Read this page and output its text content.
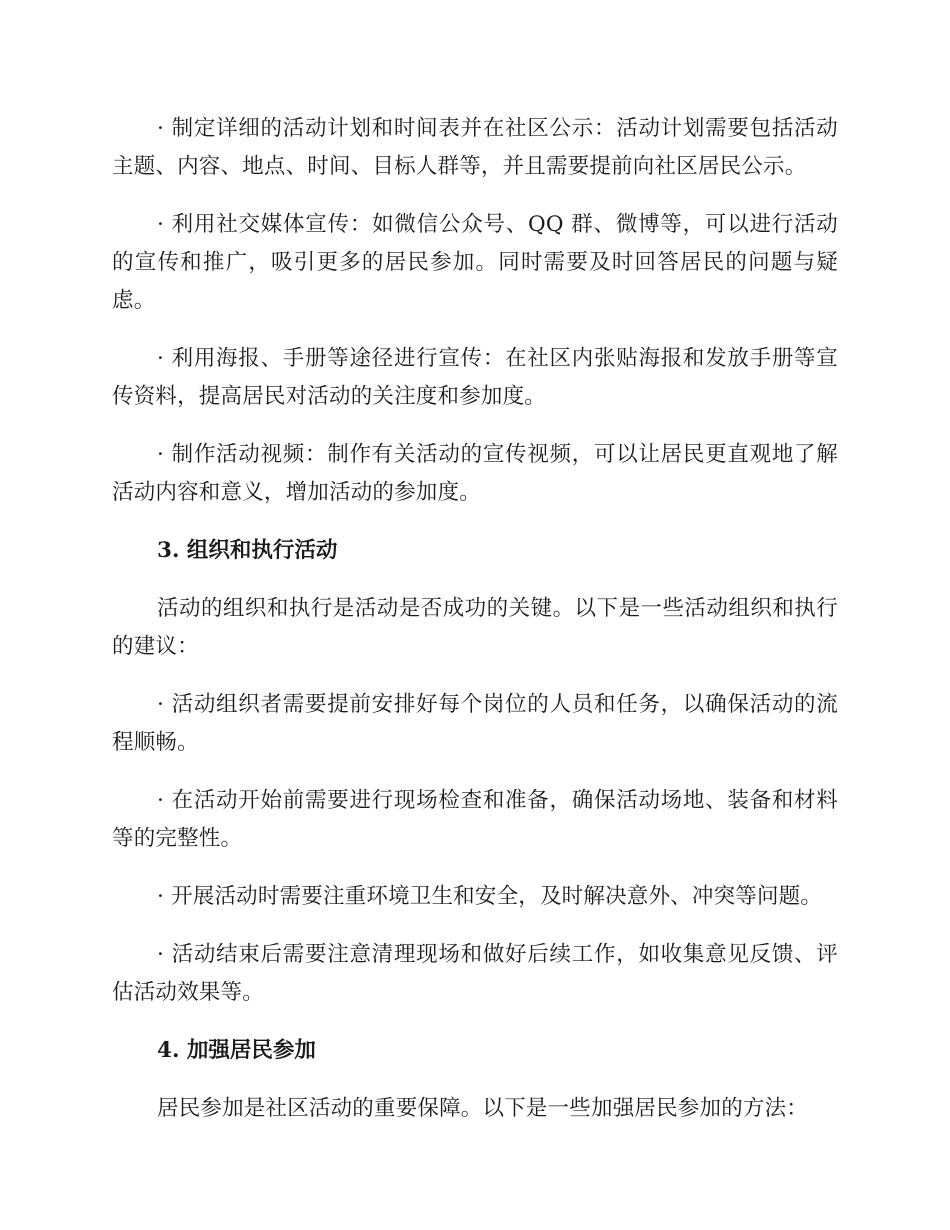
· 制定详细的活动计划和时间表并在社区公示：活动计划需要包括活动主题、内容、地点、时间、目标人群等，并且需要提前向社区居民公示。

· 利用社交媒体宣传：如微信公众号、QQ 群、微博等，可以进行活动的宣传和推广，吸引更多的居民参加。同时需要及时回答居民的问题与疑虑。

· 利用海报、手册等途径进行宣传：在社区内张贴海报和发放手册等宣传资料，提高居民对活动的关注度和参加度。

· 制作活动视频：制作有关活动的宣传视频，可以让居民更直观地了解活动内容和意义，增加活动的参加度。

3. 组织和执行活动

活动的组织和执行是活动是否成功的关键。以下是一些活动组织和执行的建议：

· 活动组织者需要提前安排好每个岗位的人员和任务，以确保活动的流程顺畅。

· 在活动开始前需要进行现场检查和准备，确保活动场地、装备和材料等的完整性。

· 开展活动时需要注重环境卫生和安全，及时解决意外、冲突等问题。

· 活动结束后需要注意清理现场和做好后续工作，如收集意见反馈、评估活动效果等。

4. 加强居民参加

居民参加是社区活动的重要保障。以下是一些加强居民参加的方法：
